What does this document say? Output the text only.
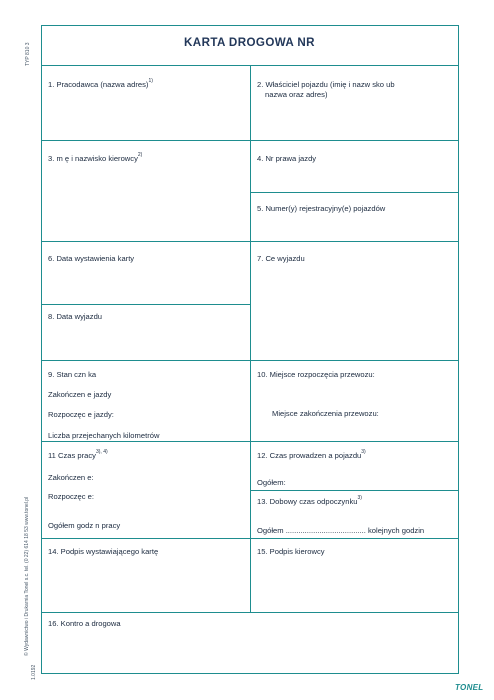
KARTA DROGOWA NR
1. Pracodawca (nazwa adres)$^{1)}$	2. Właściciel pojazdu (imię i nazw sko ub
nazwa oraz adres)
3. m ę i nazwisko kierowcy$^{2)}$	4. Nr prawa jazdy
5. Numer(y) rejestracyjny(e) pojazdów
6. Data wystawienia karty	7. Ce wyjazdu
8. Data wyjazdu
9. Stan czn ka
Zakończen e jazdy
Rozpoczęc e jazdy:
Liczba przejechanych kilometrów
10. Miejsce rozpoczęcia przewozu:
Miejsce zakończenia przewozu:
11 Czas pracy$^{3), 4)}$
Zakończen e:
Rozpoczęc e:
Ogółem godz n pracy
12. Czas prowadzen a pojazdu$^{3)}$
Ogółem:
13. Dobowy czas odpoczynku$^{3)}$
Ogółem ...................................... kolejnych godzin
14. Podpis wystawiającego kartę	15. Podpis kierowcy
16. Kontro a drogowa
TYP 810 3
© Wydawnictwo i Drukarnia Tonel s.c. tel. (0 22) 614 18 53 www.tonel.pl
1.0192
TONEL
